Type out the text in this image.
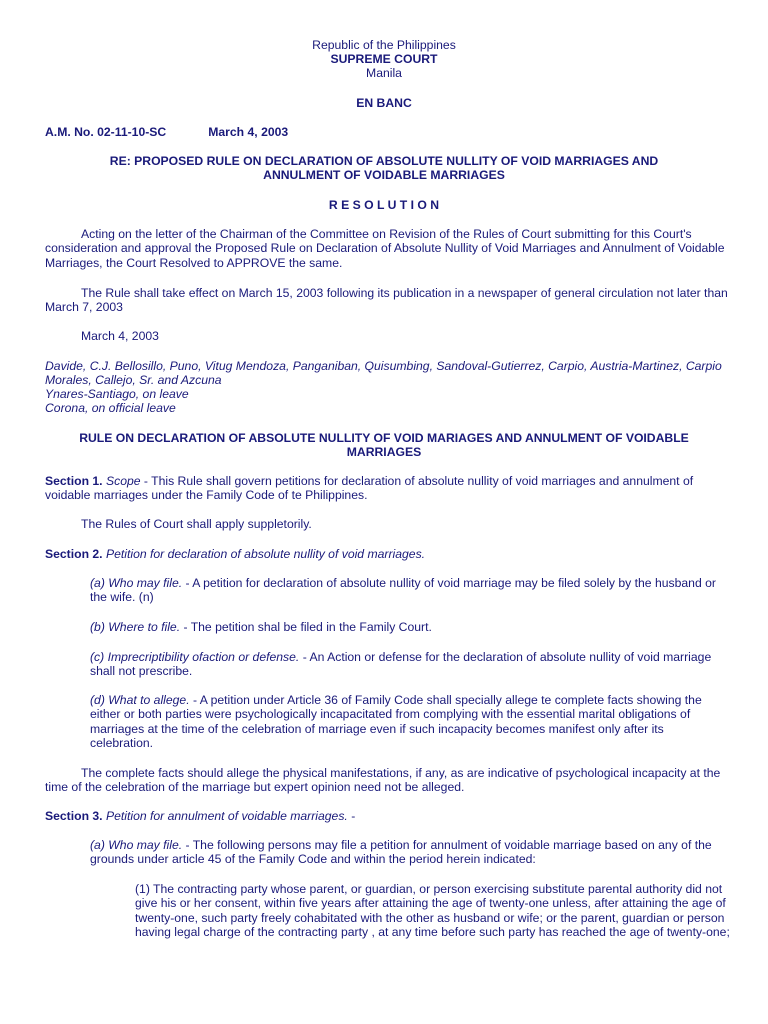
Republic of the Philippines
SUPREME COURT
Manila
EN BANC
A.M. No. 02-11-10-SC	March 4, 2003
RE: PROPOSED RULE ON DECLARATION OF ABSOLUTE NULLITY OF VOID MARRIAGES AND
ANNULMENT OF VOIDABLE MARRIAGES
R E S O L U T I O N

Acting on the letter of the Chairman of the Committee on Revision of the Rules of Court submitting for this Court's consideration and approval the Proposed Rule on Declaration of Absolute Nullity of Void Marriages and Annulment of Voidable Marriages, the Court Resolved to APPROVE the same.

The Rule shall take effect on March 15, 2003 following its publication in a newspaper of general circulation not later than March 7, 2003

March 4, 2003

Davide, C.J. Bellosillo, Puno, Vitug Mendoza, Panganiban, Quisumbing, Sandoval-Gutierrez, Carpio, Austria-Martinez, Carpio Morales, Callejo, Sr. and Azcuna

Ynares-Santiago, on leave

Corona, on official leave

RULE ON DECLARATION OF ABSOLUTE NULLITY OF VOID MARIAGES AND ANNULMENT OF VOIDABLE
MARRIAGES

Section 1. Scope - This Rule shall govern petitions for declaration of absolute nullity of void marriages and annulment of voidable marriages under the Family Code of te Philippines.

The Rules of Court shall apply suppletorily.

Section 2. Petition for declaration of absolute nullity of void marriages.

(a) Who may file. - A petition for declaration of absolute nullity of void marriage may be filed solely by the husband or the wife. (n)

(b) Where to file. - The petition shal be filed in the Family Court.

(c) Imprecriptibility ofaction or defense. - An Action or defense for the declaration of absolute nullity of void marriage shall not prescribe.

(d) What to allege. - A petition under Article 36 of Family Code shall specially allege te complete facts showing the either or both parties were psychologically incapacitated from complying with the essential marital obligations of marriages at the time of the celebration of marriage even if such incapacity becomes manifest only after its celebration.

The complete facts should allege the physical manifestations, if any, as are indicative of psychological incapacity at the time of the celebration of the marriage but expert opinion need not be alleged.

Section 3. Petition for annulment of voidable marriages. -

(a) Who may file. - The following persons may file a petition for annulment of voidable marriage based on any of the grounds under article 45 of the Family Code and within the period herein indicated:

(1) The contracting party whose parent, or guardian, or person exercising substitute parental authority did not give his or her consent, within five years after attaining the age of twenty-one unless, after attaining the age of twenty-one, such party freely cohabitated with the other as husband or wife; or the parent, guardian or person having legal charge of the contracting party , at any time before such party has reached the age of twenty-one;
